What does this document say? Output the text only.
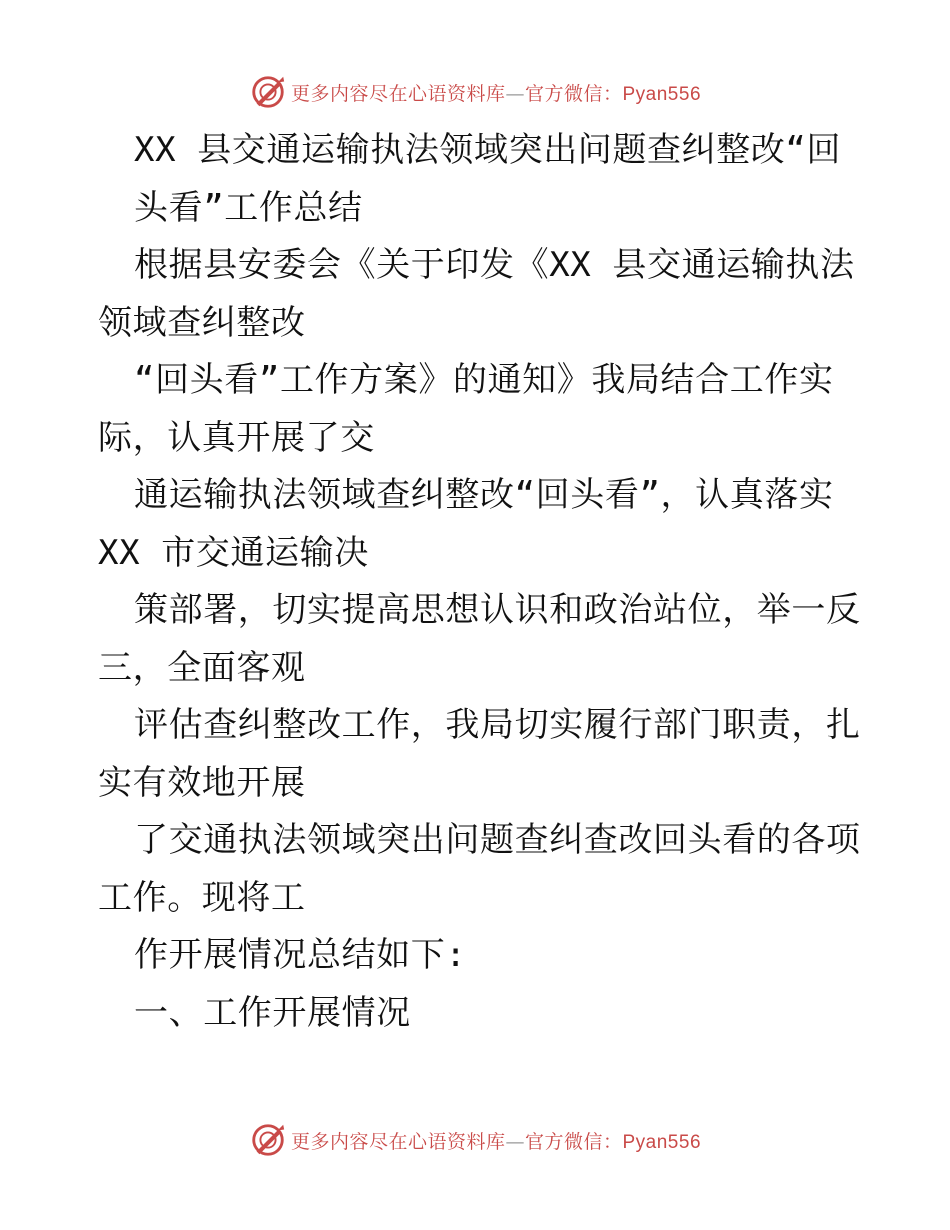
更多内容尽在心语资料库—官方微信：Pyan556
XX 县交通运输执法领域突出问题查纠整改“回
头看”工作总结
根据县安委会《关于印发《XX 县交通运输执法
领域查纠整改
“回头看”工作方案》的通知》我局结合工作实
际，认真开展了交
通运输执法领域查纠整改“回头看”，认真落实
XX 市交通运输决
策部署，切实提高思想认识和政治站位，举一反
三，全面客观
评估查纠整改工作，我局切实履行部门职责，扎
实有效地开展
了交通执法领域突出问题查纠查改回头看的各项
工作。现将工
作开展情况总结如下:
一、工作开展情况
更多内容尽在心语资料库—官方微信：Pyan556
